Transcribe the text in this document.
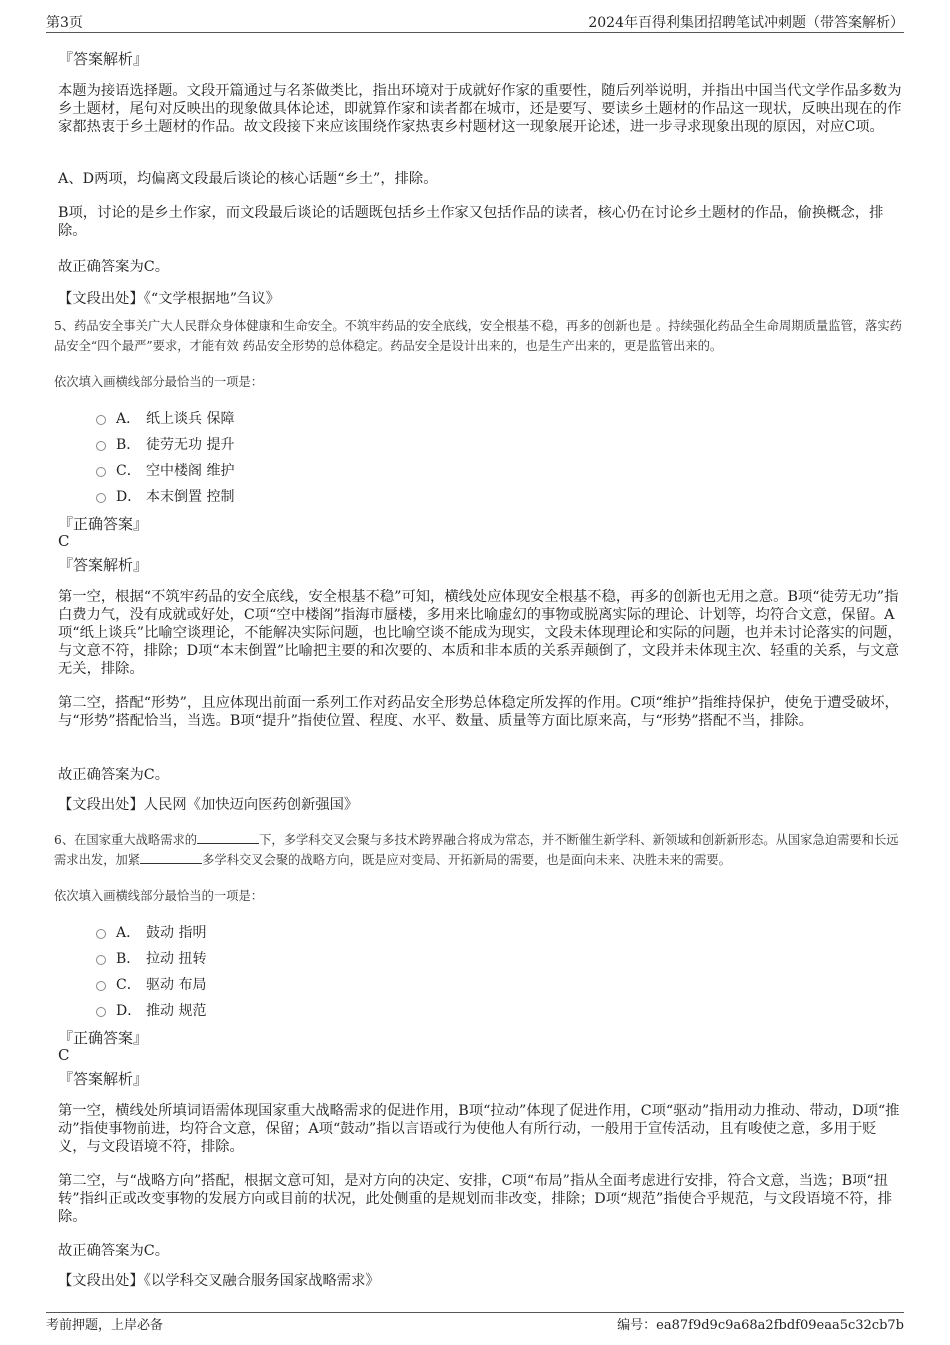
第3页	2024年百得利集团招聘笔试冲刺题（带答案解析）
『答案解析』
本题为接语选择题。文段开篇通过与名茶做类比，指出环境对于成就好作家的重要性，随后列举说明，并指出中国当代文学作品多数为乡土题材，尾句对反映出的现象做具体论述，即就算作家和读者都在城市，还是要写、要读乡土题材的作品这一现状，反映出现在的作家都热衷于乡土题材的作品。故文段接下来应该围绕作家热衷乡村题材这一现象展开论述，进一步寻求现象出现的原因，对应C项。
A、D两项，均偏离文段最后谈论的核心话题“乡土”，排除。
B项，讨论的是乡土作家，而文段最后谈论的话题既包括乡土作家又包括作品的读者，核心仍在讨论乡土题材的作品，偷换概念，排除。
故正确答案为C。
【文段出处】《“文学根据地”刍议》
5、药品安全事关广大人民群众身体健康和生命安全。不筑牢药品的安全底线，安全根基不稳，再多的创新也是 。持续强化药品全生命周期质量监管，落实药品安全“四个最严”要求，才能有效 药品安全形势的总体稳定。药品安全是设计出来的，也是生产出来的，更是监管出来的。
依次填入画横线部分最恰当的一项是：
A． 纸上谈兵 保障
B． 徒劳无功 提升
C． 空中楼阁 维护
D． 本末倒置 控制
『正确答案』
C
『答案解析』
第一空，根据“不筑牢药品的安全底线，安全根基不稳”可知，横线处应体现安全根基不稳，再多的创新也无用之意。B项“徒劳无功”指白费力气，没有成就或好处，C项“空中楼阁”指海市蜃楼，多用来比喻虚幻的事物或脱离实际的理论、计划等，均符合文意，保留。A项“纸上谈兵”比喻空谈理论，不能解决实际问题，也比喻空谈不能成为现实，文段未体现理论和实际的问题，也并未讨论落实的问题，与文意不符，排除；D项“本末倒置”比喻把主要的和次要的、本质和非本质的关系弄颠倒了，文段并未体现主次、轻重的关系，与文意无关，排除。
第二空，搭配“形势”，且应体现出前面一系列工作对药品安全形势总体稳定所发挥的作用。C项“维护”指维持保护，使免于遭受破坏，与“形势”搭配恰当，当选。B项“提升”指使位置、程度、水平、数量、质量等方面比原来高，与“形势”搭配不当，排除。
故正确答案为C。
【文段出处】人民网《加快迈向医药创新强国》
6、在国家重大战略需求的	下，多学科交叉会聚与多技术跨界融合将成为常态，并不断催生新学科、新领域和创新新形态。从国家急迫需要和长远需求出发，加紧	多学科交叉会聚的战略方向，既是应对变局、开拓新局的需要，也是面向未来、决胜未来的需要。
依次填入画横线部分最恰当的一项是：
A． 鼓动 指明
B． 拉动 扭转
C． 驱动 布局
D． 推动 规范
『正确答案』
C
『答案解析』
第一空，横线处所填词语需体现国家重大战略需求的促进作用，B项“拉动”体现了促进作用，C项“驱动”指用动力推动、带动，D项“推动”指使事物前进，均符合文意，保留；A项“鼓动”指以言语或行为使他人有所行动，一般用于宣传活动，且有唆使之意，多用于贬义，与文段语境不符，排除。
第二空，与“战略方向”搭配，根据文意可知，是对方向的决定、安排，C项“布局”指从全面考虑进行安排，符合文意，当选；B项“扭转”指纠正或改变事物的发展方向或目前的状况，此处侧重的是规划而非改变，排除；D项“规范”指使合乎规范，与文段语境不符，排除。
故正确答案为C。
【文段出处】《以学科交叉融合服务国家战略需求》
考前押题，上岸必备	编号：ea87f9d9c9a68a2fbdf09eaa5c32cb7b
